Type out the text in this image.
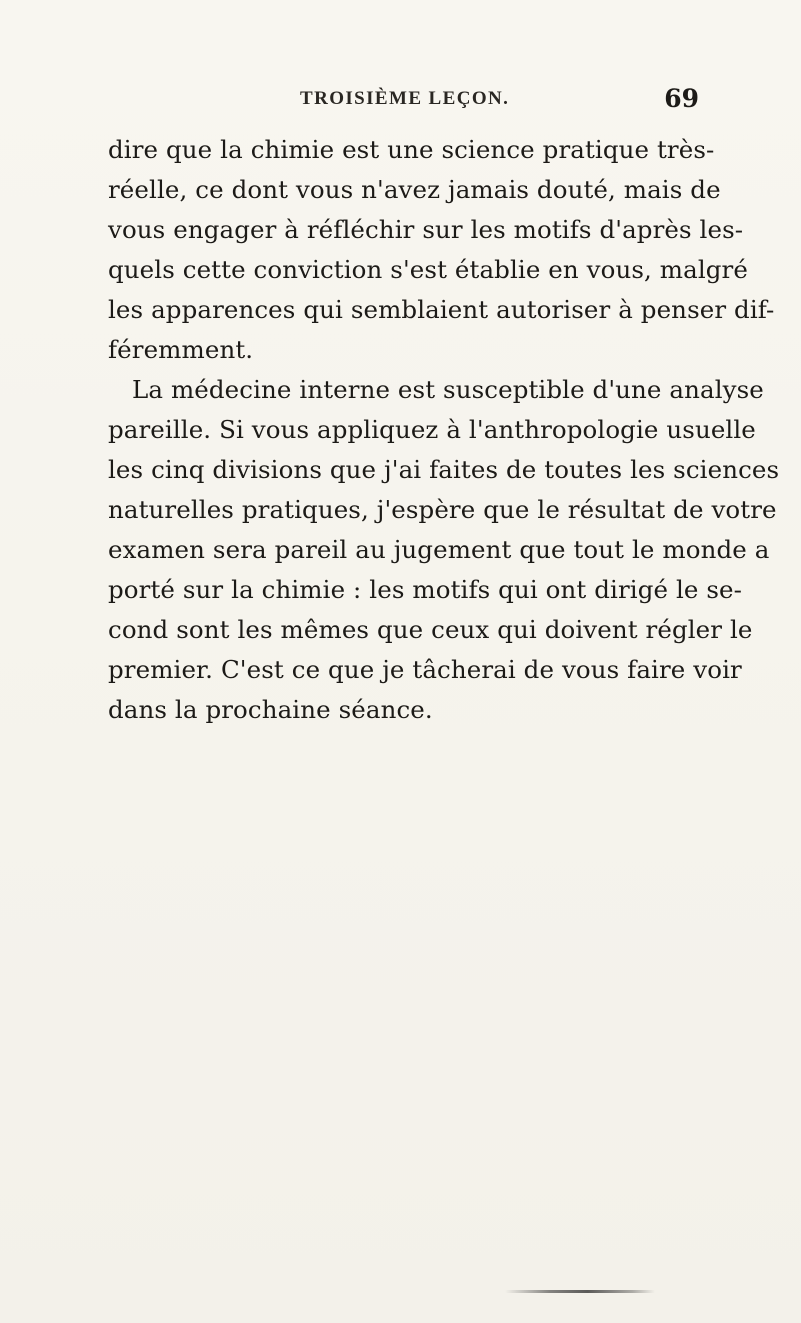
TROISIÈME LEÇON.	69
dire que la chimie est une science pratique très-
réelle, ce dont vous n'avez jamais douté, mais de
vous engager à réfléchir sur les motifs d'après les-
quels cette conviction s'est établie en vous, malgré
les apparences qui semblaient autoriser à penser dif-
féremment.
La médecine interne est susceptible d'une analyse
pareille. Si vous appliquez à l'anthropologie usuelle
les cinq divisions que j'ai faites de toutes les sciences
naturelles pratiques, j'espère que le résultat de votre
examen sera pareil au jugement que tout le monde a
porté sur la chimie : les motifs qui ont dirigé le se-
cond sont les mêmes que ceux qui doivent régler le
premier. C'est ce que je tâcherai de vous faire voir
dans la prochaine séance.
